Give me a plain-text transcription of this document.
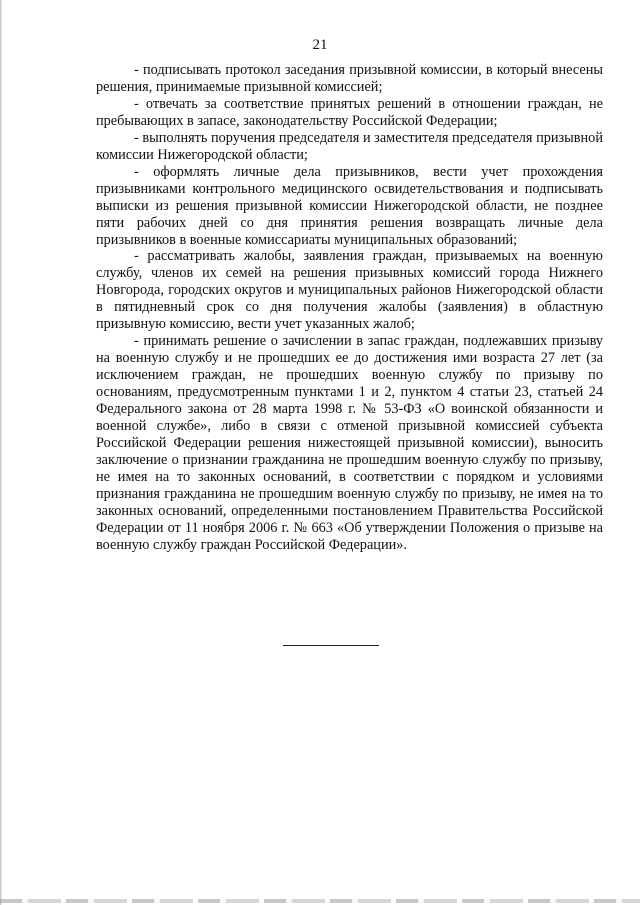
21

- подписывать протокол заседания призывной комиссии, в который внесены решения, принимаемые призывной комиссией;

- отвечать за соответствие принятых решений в отношении граждан, не пребывающих в запасе, законодательству Российской Федерации;

- выполнять поручения председателя и заместителя председателя призывной комиссии Нижегородской области;

- оформлять личные дела призывников, вести учет прохождения призывниками контрольного медицинского освидетельствования и подписывать выписки из решения призывной комиссии Нижегородской области, не позднее пяти рабочих дней со дня принятия решения возвращать личные дела призывников в военные комиссариаты муниципальных образований;

- рассматривать жалобы, заявления граждан, призываемых на военную службу, членов их семей на решения призывных комиссий города Нижнего Новгорода, городских округов и муниципальных районов Нижегородской области в пятидневный срок со дня получения жалобы (заявления) в областную призывную комиссию, вести учет указанных жалоб;

- принимать решение о зачислении в запас граждан, подлежавших призыву на военную службу и не прошедших ее до достижения ими возраста 27 лет (за исключением граждан, не прошедших военную службу по призыву по основаниям, предусмотренным пунктами 1 и 2, пунктом 4 статьи 23, статьей 24 Федерального закона от 28 марта 1998 г. № 53-ФЗ «О воинской обязанности и военной службе», либо в связи с отменой призывной комиссией субъекта Российской Федерации решения нижестоящей призывной комиссии), выносить заключение о признании гражданина не прошедшим военную службу по призыву, не имея на то законных оснований, в соответствии с порядком и условиями признания гражданина не прошедшим военную службу по призыву, не имея на то законных оснований, определенными постановлением Правительства Российской Федерации от 11 ноября 2006 г. № 663 «Об утверждении Положения о призыве на военную службу граждан Российской Федерации».
